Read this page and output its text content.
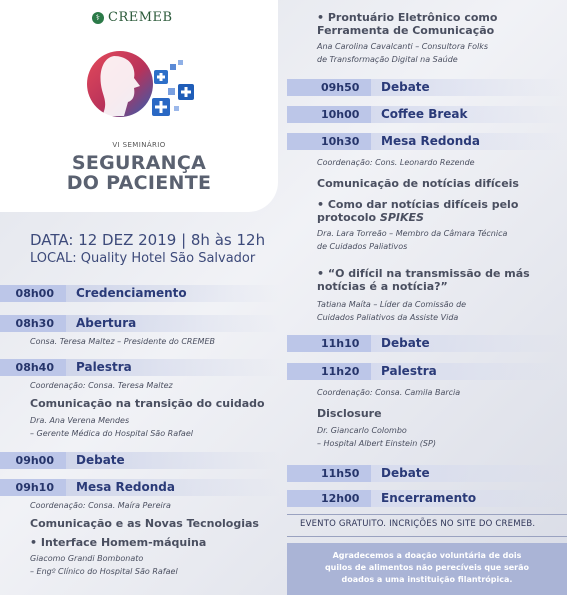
⚕ CREMEB
VI SEMINÁRIO
SEGURANÇA
DO PACIENTE
DATA: 12 DEZ 2019 | 8h às 12h
LOCAL: Quality Hotel São Salvador
08h00	Credenciamento
08h30	Abertura
Consa. Teresa Maltez – Presidente do CREMEB
08h40	Palestra
Coordenação: Consa. Teresa Maltez
Comunicação na transição do cuidado
Dra. Ana Verena Mendes
– Gerente Médica do Hospital São Rafael
09h00	Debate
09h10	Mesa Redonda
Coordenação: Consa. Maíra Pereira
Comunicação e as Novas Tecnologias
• Interface Homem-máquina
Giacomo Grandi Bombonato
– Engº Clínico do Hospital São Rafael
• Prontuário Eletrônico como
Ferramenta de Comunicação
Ana Carolina Cavalcanti – Consultora Folks
de Transformação Digital na Saúde
09h50	Debate
10h00	Coffee Break
10h30	Mesa Redonda
Coordenação: Cons. Leonardo Rezende
Comunicação de notícias difíceis
• Como dar notícias difíceis pelo
protocolo SPIKES
Dra. Lara Torreão – Membro da Câmara Técnica
de Cuidados Paliativos
• “O difícil na transmissão de más
notícias é a notícia?”
Tatiana Maíta – Líder da Comissão de
Cuidados Paliativos da Assiste Vida
11h10	Debate
11h20	Palestra
Coordenação: Consa. Camila Barcia
Disclosure
Dr. Giancarlo Colombo
– Hospital Albert Einstein (SP)
11h50	Debate
12h00	Encerramento
EVENTO GRATUITO. INCRIÇÕES NO SITE DO CREMEB.
Agradecemos a doação voluntária de dois
quilos de alimentos não perecíveis que serão
doados a uma instituição filantrópica.
